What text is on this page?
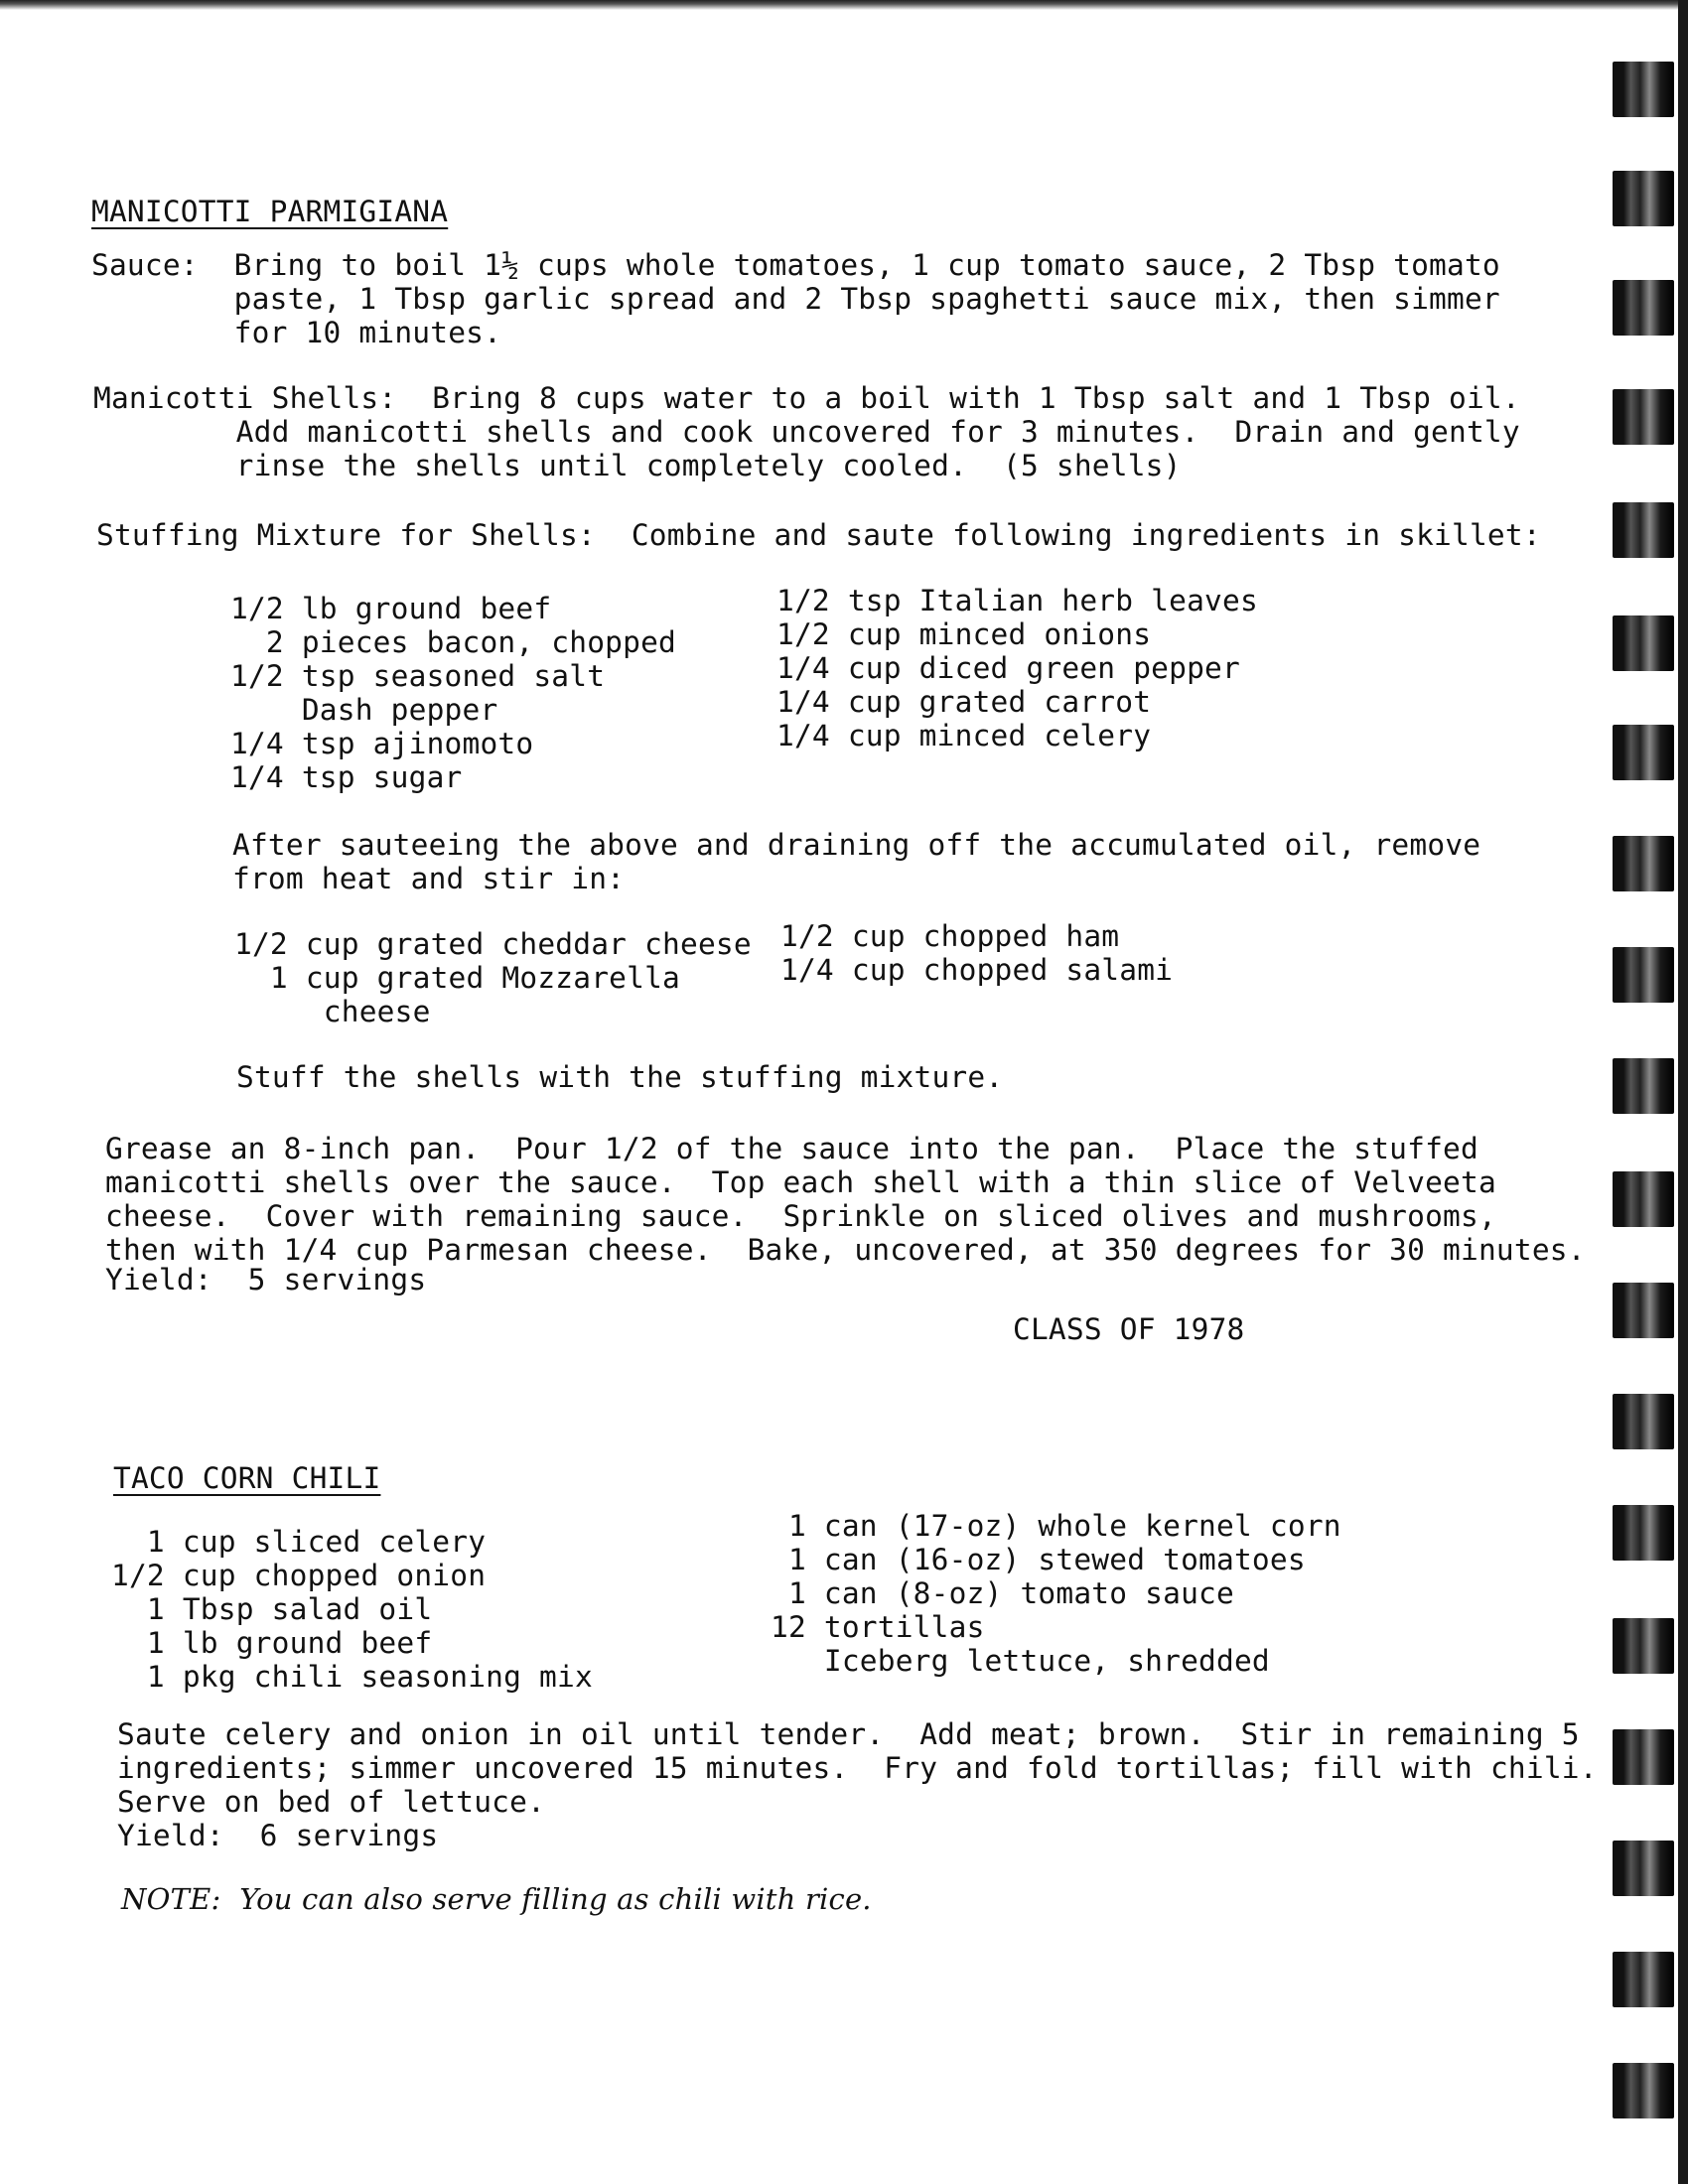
MANICOTTI PARMIGIANA
Sauce:  Bring to boil 1½ cups whole tomatoes, 1 cup tomato sauce, 2 Tbsp tomato
paste, 1 Tbsp garlic spread and 2 Tbsp spaghetti sauce mix, then simmer
for 10 minutes.
Manicotti Shells:  Bring 8 cups water to a boil with 1 Tbsp salt and 1 Tbsp oil.
Add manicotti shells and cook uncovered for 3 minutes.  Drain and gently
rinse the shells until completely cooled.  (5 shells)
Stuffing Mixture for Shells:  Combine and saute following ingredients in skillet:
1/2 lb ground beef
2 pieces bacon, chopped
1/2 tsp seasoned salt
Dash pepper
1/4 tsp ajinomoto
1/4 tsp sugar
1/2 tsp Italian herb leaves
1/2 cup minced onions
1/4 cup diced green pepper
1/4 cup grated carrot
1/4 cup minced celery
After sauteeing the above and draining off the accumulated oil, remove
from heat and stir in:
1/2 cup grated cheddar cheese
1 cup grated Mozzarella
cheese
1/2 cup chopped ham
1/4 cup chopped salami
Stuff the shells with the stuffing mixture.
Grease an 8-inch pan.  Pour 1/2 of the sauce into the pan.  Place the stuffed
manicotti shells over the sauce.  Top each shell with a thin slice of Velveeta
cheese.  Cover with remaining sauce.  Sprinkle on sliced olives and mushrooms,
then with 1/4 cup Parmesan cheese.  Bake, uncovered, at 350 degrees for 30 minutes.
Yield:  5 servings
CLASS OF 1978
TACO CORN CHILI
1 cup sliced celery
1/2 cup chopped onion
1 Tbsp salad oil
1 lb ground beef
1 pkg chili seasoning mix
1 can (17-oz) whole kernel corn
1 can (16-oz) stewed tomatoes
1 can (8-oz) tomato sauce
12 tortillas
Iceberg lettuce, shredded
Saute celery and onion in oil until tender.  Add meat; brown.  Stir in remaining 5
ingredients; simmer uncovered 15 minutes.  Fry and fold tortillas; fill with chili.
Serve on bed of lettuce.
Yield:  6 servings
NOTE:  You can also serve filling as chili with rice.
